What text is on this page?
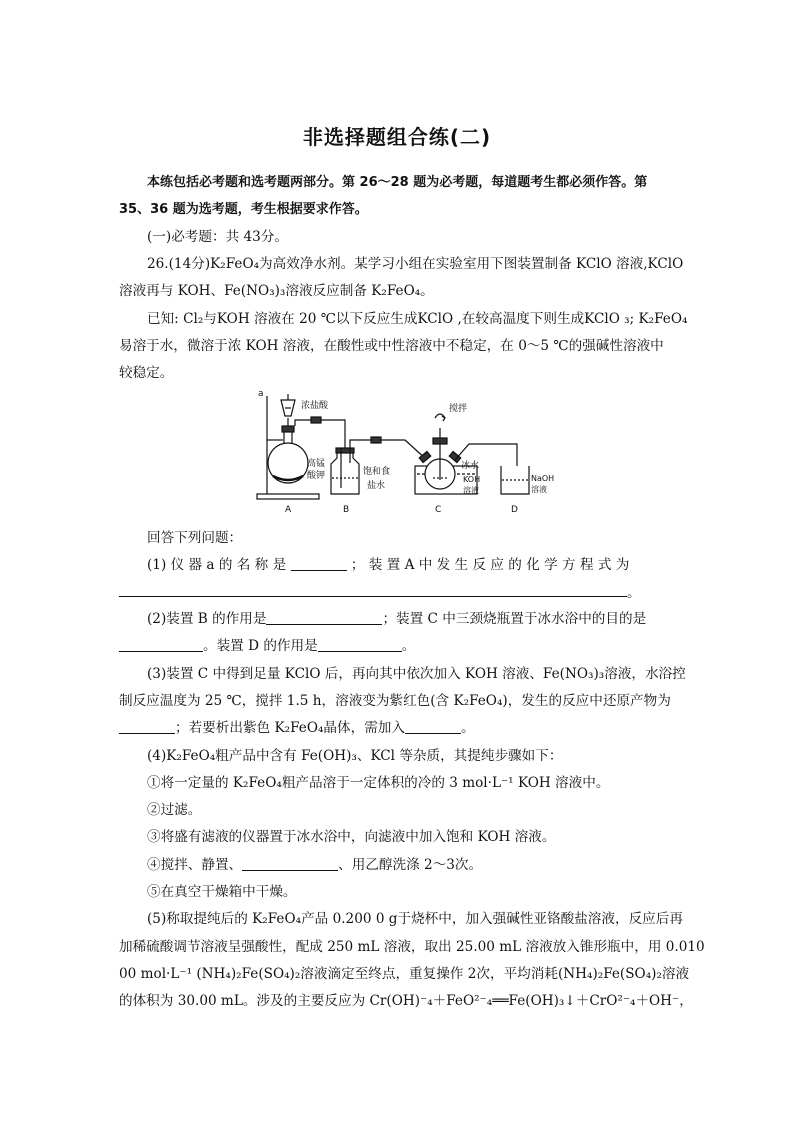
非选择题组合练(二)
本练包括必考题和选考题两部分。第 26～28 题为必考题，每道题考生都必须作答。第
35、36 题为选考题，考生根据要求作答。
(一)必考题：共 43分。
26.(14分)K₂FeO₄为高效净水剂。某学习小组在实验室用下图装置制备 KClO 溶液,KClO
溶液再与 KOH、Fe(NO₃)₃溶液反应制备 K₂FeO₄。
已知: Cl₂与KOH 溶液在 20 ℃以下反应生成KClO ,在较高温度下则生成KClO ₃; K₂FeO₄
易溶于水，微溶于浓 KOH 溶液，在酸性或中性溶液中不稳定，在 0～5 ℃的强碱性溶液中
较稳定。
a
浓盐酸
高锰
酸钾	饱和食
盐水
搅拌
冰水
KOH
溶液
NaOH
溶液
A	B	C	D
回答下列问题：
(1) 仪 器 a 的 名 称 是	； 装 置 A 中 发 生 反 应 的 化 学 方 程 式 为
。
(2)装置 B 的作用是	；装置 C 中三颈烧瓶置于冰水浴中的目的是
。装置 D 的作用是	。
(3)装置 C 中得到足量 KClO 后，再向其中依次加入 KOH 溶液、Fe(NO₃)₃溶液，水浴控
制反应温度为 25 ℃，搅拌 1.5 h，溶液变为紫红色(含 K₂FeO₄)，发生的反应中还原产物为
；若要析出紫色 K₂FeO₄晶体，需加入	。
(4)K₂FeO₄粗产品中含有 Fe(OH)₃、KCl 等杂质，其提纯步骤如下：
①将一定量的 K₂FeO₄粗产品溶于一定体积的冷的 3 mol·L⁻¹ KOH 溶液中。
②过滤。
③将盛有滤液的仪器置于冰水浴中，向滤液中加入饱和 KOH 溶液。
④搅拌、静置、	、用乙醇洗涤 2～3次。
⑤在真空干燥箱中干燥。
(5)称取提纯后的 K₂FeO₄产品 0.200 0 g于烧杯中，加入强碱性亚铬酸盐溶液，反应后再
加稀硫酸调节溶液呈强酸性，配成 250 mL 溶液，取出 25.00 mL 溶液放入锥形瓶中，用 0.010
00 mol·L⁻¹ (NH₄)₂Fe(SO₄)₂溶液滴定至终点，重复操作 2次，平均消耗(NH₄)₂Fe(SO₄)₂溶液
的体积为 30.00 mL。涉及的主要反应为 Cr(OH)⁻₄＋FeO²⁻₄══Fe(OH)₃↓＋CrO²⁻₄＋OH⁻，
